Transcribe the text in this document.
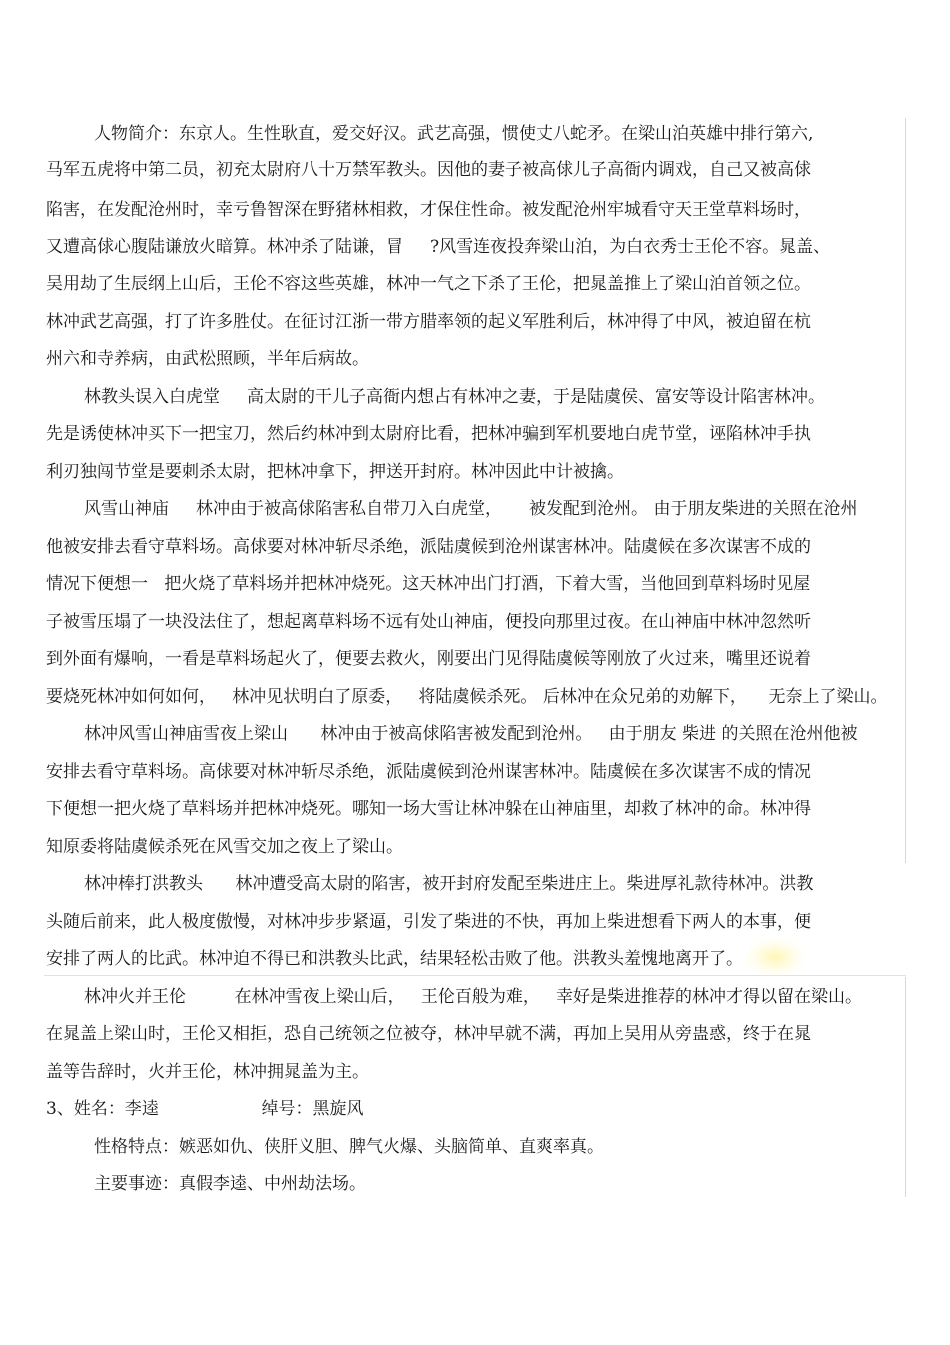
人物简介：东京人。生性耿直，爱交好汉。武艺高强，惯使丈八蛇矛。在梁山泊英雄中排行第六,
马军五虎将中第二员，初充太尉府八十万禁军教头。因他的妻子被高俅儿子高衙内调戏，自己又被高俅
陷害，在发配沧州时，幸亏鲁智深在野猪林相救，才保住性命。被发配沧州牢城看守天王堂草料场时，
又遭高俅心腹陆谦放火暗算。林冲杀了陆谦，冒     ?风雪连夜投奔梁山泊，为白衣秀士王伦不容。晁盖、
吴用劫了生辰纲上山后，王伦不容这些英雄，林冲一气之下杀了王伦，把晁盖推上了梁山泊首领之位。
林冲武艺高强，打了许多胜仗。在征讨江浙一带方腊率领的起义军胜利后，林冲得了中风，被迫留在杭
州六和寺养病，由武松照顾，半年后病故。
林教头误入白虎堂     高太尉的干儿子高衙内想占有林冲之妻，于是陆虞侯、富安等设计陷害林冲。
先是诱使林冲买下一把宝刀，然后约林冲到太尉府比看，把林冲骗到军机要地白虎节堂，诬陷林冲手执
利刃独闯节堂是要刺杀太尉，把林冲拿下，押送开封府。林冲因此中计被擒。
风雪山神庙     林冲由于被高俅陷害私自带刀入白虎堂，     被发配到沧州。 由于朋友柴进的关照在沧州
他被安排去看守草料场。高俅要对林冲斩尽杀绝，派陆虞候到沧州谋害林冲。陆虞候在多次谋害不成的
情况下便想一   把火烧了草料场并把林冲烧死。这天林冲出门打酒，下着大雪，当他回到草料场时见屋
子被雪压塌了一块没法住了，想起离草料场不远有处山神庙，便投向那里过夜。在山神庙中林冲忽然听
到外面有爆响，一看是草料场起火了，便要去救火，刚要出门见得陆虞候等刚放了火过来，嘴里还说着
要烧死林冲如何如何，   林冲见状明白了原委，   将陆虞候杀死。 后林冲在众兄弟的劝解下，    无奈上了梁山。
林冲风雪山神庙雪夜上梁山      林冲由于被高俅陷害被发配到沧州。   由于朋友 柴进 的关照在沧州他被
安排去看守草料场。高俅要对林冲斩尽杀绝，派陆虞候到沧州谋害林冲。陆虞候在多次谋害不成的情况
下便想一把火烧了草料场并把林冲烧死。哪知一场大雪让林冲躲在山神庙里，却救了林冲的命。林冲得
知原委将陆虞候杀死在风雪交加之夜上了梁山。
林冲棒打洪教头      林冲遭受高太尉的陷害，被开封府发配至柴进庄上。柴进厚礼款待林冲。洪教
头随后前来，此人极度傲慢，对林冲步步紧逼，引发了柴进的不快，再加上柴进想看下两人的本事，便
安排了两人的比武。林冲迫不得已和洪教头比武，结果轻松击败了他。洪教头羞愧地离开了。
林冲火并王伦         在林冲雪夜上梁山后，   王伦百般为难，   幸好是柴进推荐的林冲才得以留在梁山。
在晁盖上梁山时，王伦又相拒，恐自己统领之位被夺，林冲早就不满，再加上吴用从旁蛊惑，终于在晁
盖等告辞时，火并王伦，林冲拥晁盖为主。
3、姓名：李逵                   绰号：黑旋风
性格特点：嫉恶如仇、侠肝义胆、脾气火爆、头脑简单、直爽率真。
主要事迹：真假李逵、中州劫法场。
